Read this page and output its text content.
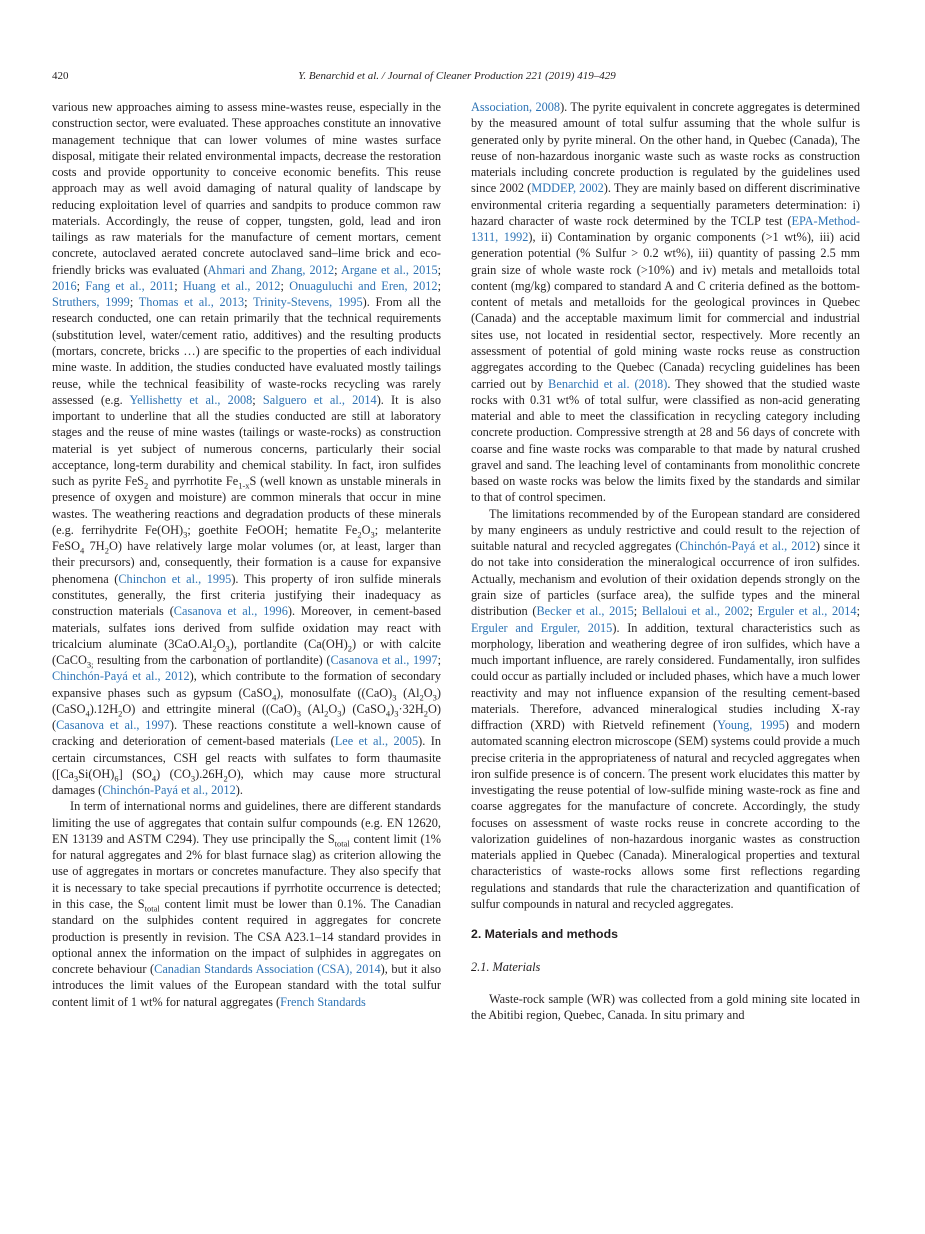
420	Y. Benarchid et al. / Journal of Cleaner Production 221 (2019) 419–429

various new approaches aiming to assess mine-wastes reuse, especially in the construction sector, were evaluated. These approaches constitute an innovative management technique that can lower volumes of mine wastes surface disposal, mitigate their related environmental impacts, decrease the restoration costs and provide opportunity to conceive economic benefits. This reuse approach may as well avoid damaging of natural quality of landscape by reducing exploitation level of quarries and sandpits to produce common raw materials. Accordingly, the reuse of copper, tungsten, gold, lead and iron tailings as raw materials for the manufacture of cement mortars, cement concrete, autoclaved aerated concrete autoclaved sand–lime brick and eco-friendly bricks was evaluated (Ahmari and Zhang, 2012; Argane et al., 2015; 2016; Fang et al., 2011; Huang et al., 2012; Onuaguluchi and Eren, 2012; Struthers, 1999; Thomas et al., 2013; Trinity-Stevens, 1995). From all the research conducted, one can retain primarily that the technical requirements (substitution level, water/cement ratio, additives) and the resulting products (mortars, concrete, bricks …) are specific to the properties of each individual mine waste. In addition, the studies conducted have evaluated mostly tailings reuse, while the technical feasibility of waste-rocks recycling was rarely assessed (e.g. Yellishetty et al., 2008; Salguero et al., 2014). It is also important to underline that all the studies conducted are still at laboratory stages and the reuse of mine wastes (tailings or waste-rocks) as construction material is yet subject of numerous concerns, particularly their social acceptance, long-term durability and chemical stability. In fact, iron sulfides such as pyrite FeS$_2$ and pyrrhotite $Fe_{1-x}S$ (well known as unstable minerals in presence of oxygen and moisture) are common minerals that occur in mine wastes. The weathering reactions and degradation products of these minerals (e.g. ferrihydrite $Fe(OH)_3$; goethite FeOOH; hematite $Fe_2O_3$; melanterite FeSO$_4$ $7H_2O$) have relatively large molar volumes (or, at least, larger than their precursors) and, consequently, their formation is a cause for expansive phenomena (Chinchon et al., 1995). This property of iron sulfide minerals constitutes, generally, the first criteria justifying their inadequacy as construction materials (Casanova et al., 1996). Moreover, in cement-based materials, sulfates ions derived from sulfide oxidation may react with tricalcium aluminate $(3CaO.Al_2O_3)$, portlandite $(Ca(OH)_2)$ or with calcite (CaCO$_{3;}$ resulting from the carbonation of portlandite) (Casanova et al., 1997; Chinchón-Payá et al., 2012), which contribute to the formation of secondary expansive phases such as gypsum (CaSO$_4$), monosulfate ($(CaO)_3$ $(Al_2O_3)$ $(CaSO_4).12H_2O$) and ettringite mineral ($(CaO)_3$ $(Al_2O_3)$ $(CaSO_4)_3\cdot 32H_2O$) (Casanova et al., 1997). These reactions constitute a well-known cause of cracking and deterioration of cement-based materials (Lee et al., 2005). In certain circumstances, CSH gel reacts with sulfates to form thaumasite ($[Ca_3Si(OH)_6]$ $(SO_4)$ $(CO_3).26H_2O$), which may cause more structural damages (Chinchón-Payá et al., 2012).

In term of international norms and guidelines, there are different standards limiting the use of aggregates that contain sulfur compounds (e.g. EN 12620, EN 13139 and ASTM C294). They use principally the $S_{total}$ content limit (1% for natural aggregates and 2% for blast furnace slag) as criterion allowing the use of aggregates in mortars or concretes manufacture. They also specify that it is necessary to take special precautions if pyrrhotite occurrence is detected; in this case, the $S_{total}$ content limit must be lower than 0.1%. The Canadian standard on the sulphides content required in aggregates for concrete production is presently in revision. The CSA A23.1–14 standard provides in optional annex the information on the impact of sulphides in aggregates on concrete behaviour (Canadian Standards Association (CSA), 2014), but it also introduces the limit values of the European standard with the total sulfur content limit of 1 wt% for natural aggregates (French Standards

Association, 2008). The pyrite equivalent in concrete aggregates is determined by the measured amount of total sulfur assuming that the whole sulfur is generated only by pyrite mineral. On the other hand, in Quebec (Canada), The reuse of non-hazardous inorganic waste such as waste rocks as construction materials including concrete production is regulated by the guidelines used since 2002 (MDDEP, 2002). They are mainly based on different discriminative environmental criteria regarding a sequentially parameters determination: i) hazard character of waste rock determined by the TCLP test (EPA-Method-1311, 1992), ii) Contamination by organic components (>1 wt%), iii) acid generation potential (% Sulfur > 0.2 wt%), iii) quantity of passing 2.5 mm grain size of whole waste rock (>10%) and iv) metals and metalloids total content (mg/kg) compared to standard A and C criteria defined as the bottom-content of metals and metalloids for the geological provinces in Quebec (Canada) and the acceptable maximum limit for commercial and industrial sites use, not located in residential sector, respectively. More recently an assessment of potential of gold mining waste rocks reuse as construction aggregates according to the Quebec (Canada) recycling guidelines has been carried out by Benarchid et al. (2018). They showed that the studied waste rocks with 0.31 wt% of total sulfur, were classified as non-acid generating material and able to meet the classification in recycling category including concrete production. Compressive strength at 28 and 56 days of concrete with coarse and fine waste rocks was comparable to that made by natural crushed gravel and sand. The leaching level of contaminants from monolithic concrete based on waste rocks was below the limits fixed by the standards and similar to that of control specimen.

The limitations recommended by of the European standard are considered by many engineers as unduly restrictive and could result to the rejection of suitable natural and recycled aggregates (Chinchón-Payá et al., 2012) since it do not take into consideration the mineralogical occurrence of iron sulfides. Actually, mechanism and evolution of their oxidation depends strongly on the grain size of particles (surface area), the sulfide types and the mineral distribution (Becker et al., 2015; Bellaloui et al., 2002; Erguler et al., 2014; Erguler and Erguler, 2015). In addition, textural characteristics such as morphology, liberation and weathering degree of iron sulfides, which have a much important influence, are rarely considered. Fundamentally, iron sulfides could occur as partially included or included phases, which have a much lower reactivity and may not influence expansion of the resulting cement-based materials. Therefore, advanced mineralogical studies including X-ray diffraction (XRD) with Rietveld refinement (Young, 1995) and modern automated scanning electron microscope (SEM) systems could provide a much precise criteria in the appropriateness of natural and recycled aggregates when iron sulfide presence is of concern. The present work elucidates this matter by investigating the reuse potential of low-sulfide mining waste-rock as fine and coarse aggregates for the manufacture of concrete. Accordingly, the study focuses on assessment of waste rocks reuse in concrete according to the valorization guidelines of non-hazardous inorganic wastes as construction materials applied in Quebec (Canada). Mineralogical properties and textural characteristics of waste-rocks allows some first reflections regarding regulations and standards that rule the characterization and quantification of sulfur compounds in natural and recycled aggregates.

2. Materials and methods
2.1. Materials

Waste-rock sample (WR) was collected from a gold mining site located in the Abitibi region, Quebec, Canada. In situ primary and
